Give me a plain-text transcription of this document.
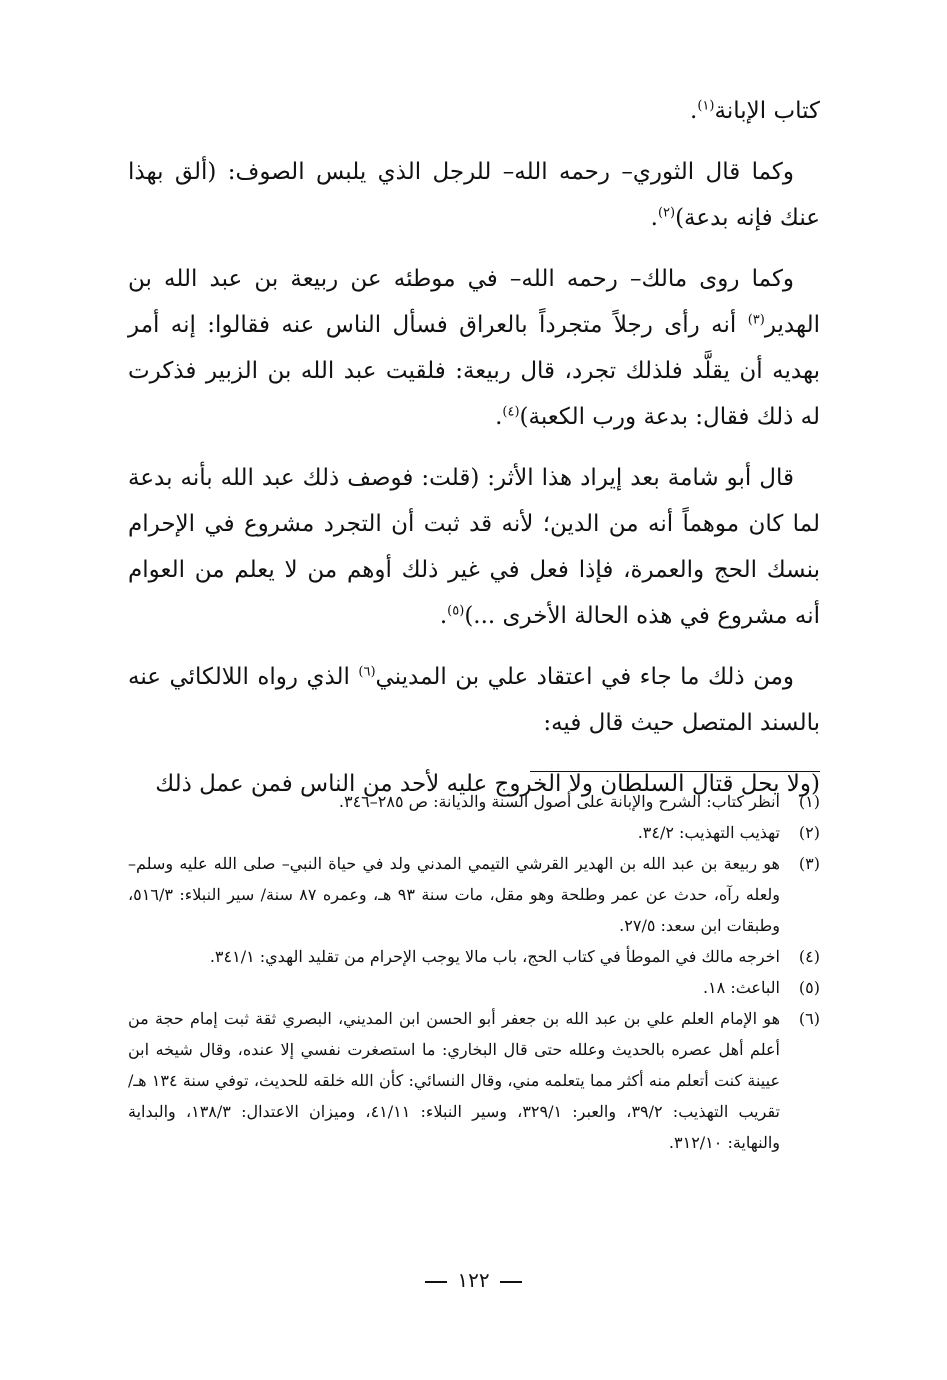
كتاب الإبانة$^{(١)}$.

وكما قال الثوري– رحمه الله– للرجل الذي يلبس الصوف: (ألق بهذا عنك فإنه بدعة)$^{(٢)}$.

وكما روى مالك– رحمه الله– في موطئه عن ربيعة بن عبد الله بن الهدير$^{(٣)}$ أنه رأى رجلاً متجرداً بالعراق فسأل الناس عنه فقالوا: إنه أمر بهديه أن يقلَّد فلذلك تجرد، قال ربيعة: فلقيت عبد الله بن الزبير فذكرت له ذلك فقال: بدعة ورب الكعبة)$^{(٤)}$.

قال أبو شامة بعد إيراد هذا الأثر: (قلت: فوصف ذلك عبد الله بأنه بدعة لما كان موهماً أنه من الدين؛ لأنه قد ثبت أن التجرد مشروع في الإحرام بنسك الحج والعمرة، فإذا فعل في غير ذلك أوهم من لا يعلم من العوام أنه مشروع في هذه الحالة الأخرى ...)$^{(٥)}$.

ومن ذلك ما جاء في اعتقاد علي بن المديني$^{(٦)}$ الذي رواه اللالكائي عنه بالسند المتصل حيث قال فيه:

(ولا يحل قتال السلطان ولا الخروج عليه لأحد من الناس فمن عمل ذلك

(١)
انظر كتاب: الشرح والإبانة على أصول السنة والديانة: ص ٢٨٥–٣٤٦.
(٢)
تهذيب التهذيب: ٣٤/٢.
(٣)
هو ربيعة بن عبد الله بن الهدير القرشي التيمي المدني ولد في حياة النبي– صلى الله عليه وسلم– ولعله رآه، حدث عن عمر وطلحة وهو مقل، مات سنة ٩٣ هـ، وعمره ٨٧ سنة/ سير النبلاء: ٥١٦/٣، وطبقات ابن سعد: ٢٧/٥.
(٤)
اخرجه مالك في الموطأ في كتاب الحج، باب مالا يوجب الإحرام من تقليد الهدي: ٣٤١/١.
(٥)
الباعث: ١٨.
(٦)
هو الإمام العلم علي بن عبد الله بن جعفر أبو الحسن ابن المديني، البصري ثقة ثبت إمام حجة من أعلم أهل عصره بالحديث وعلله حتى قال البخاري: ما استصغرت نفسي إلا عنده، وقال شيخه ابن عيينة كنت أتعلم منه أكثر مما يتعلمه مني، وقال النسائي: كأن الله خلقه للحديث، توفي سنة ١٣٤ هـ/ تقريب التهذيب: ٣٩/٢، والعبر: ٣٢٩/١، وسير النبلاء: ٤١/١١، وميزان الاعتدال: ١٣٨/٣، والبداية والنهاية: ٣١٢/١٠.
١٢٢
